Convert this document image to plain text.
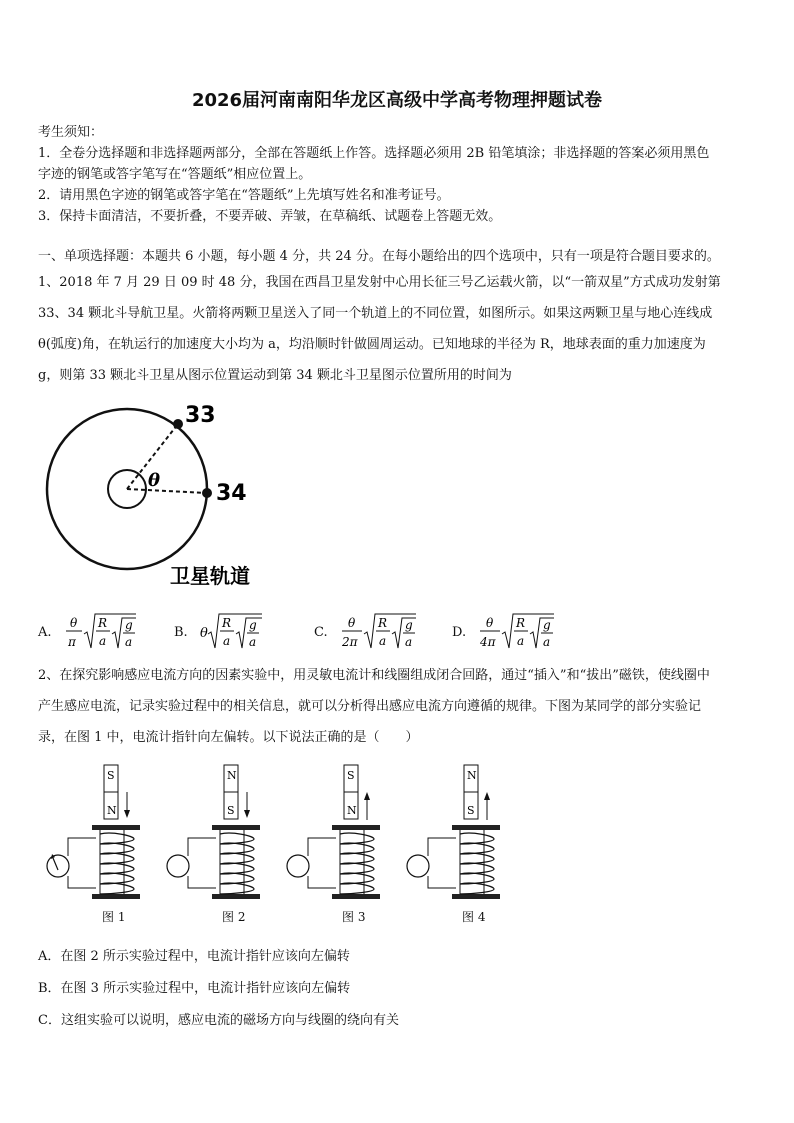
2026届河南南阳华龙区高级中学高考物理押题试卷
考生须知：
1．全卷分选择题和非选择题两部分，全部在答题纸上作答。选择题必须用 2B 铅笔填涂；非选择题的答案必须用黑色
字迹的钢笔或答字笔写在“答题纸”相应位置上。
2．请用黑色字迹的钢笔或答字笔在“答题纸”上先填写姓名和准考证号。
3．保持卡面清洁，不要折叠，不要弄破、弄皱，在草稿纸、试题卷上答题无效。
一、单项选择题：本题共 6 小题，每小题 4 分，共 24 分。在每小题给出的四个选项中，只有一项是符合题目要求的。
1、2018 年 7 月 29 日 09 时 48 分，我国在西昌卫星发射中心用长征三号乙运载火箭，以“一箭双星”方式成功发射第
33、34 颗北斗导航卫星。火箭将两颗卫星送入了同一个轨道上的不同位置，如图所示。如果这两颗卫星与地心连线成
θ(弧度)角，在轨运行的加速度大小均为 a，均沿顺时针做圆周运动。已知地球的半径为 R，地球表面的重力加速度为
g，则第 33 颗北斗卫星从图示位置运动到第 34 颗北斗卫星图示位置所用的时间为
33
34
θ
卫星轨道
A.
θ
π
R
a
g
a
B. θ
R
a
g
a
C.
θ
2π
R
a
g
a
D.
θ
4π
R
a
g
a
2、在探究影响感应电流方向的因素实验中，用灵敏电流计和线圈组成闭合回路，通过“插入”和“拔出”磁铁，使线圈中
产生感应电流，记录实验过程中的相关信息，就可以分析得出感应电流方向遵循的规律。下图为某同学的部分实验记
录，在图 1 中，电流计指针向左偏转。以下说法正确的是（　　）
S
N
图 1
N
S
图 2
S
N
图 3
N
S
图 4
A．在图 2 所示实验过程中，电流计指针应该向左偏转
B．在图 3 所示实验过程中，电流计指针应该向左偏转
C．这组实验可以说明，感应电流的磁场方向与线圈的绕向有关
